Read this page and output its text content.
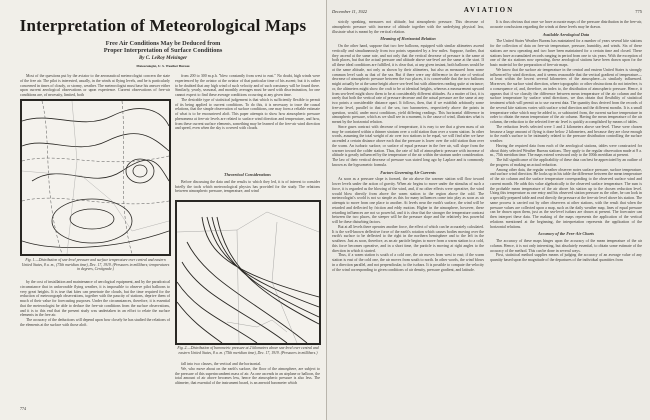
Interpretation of Meteorological Maps
Free Air Conditions May be Deduced from
Proper Interpretation of Surface Conditions
By C. LeRoy Meisinger
Meteorologist, U. S. Weather Bureau

Most of the questions put by the aviator to the aeronautical meteorologist concern the state of the free air. The pilot is interested, usually, in the winds at flying levels, and he is particularly concerned in times of cloudy, or stormy, weather. The meteorologist must base his answer either upon current aerological observations or upon experience. Current observations of free-air conditions are, of necessity, limited, both

Fig. 1.—Distribution of sea-level pressure and surface temperature over central and eastern United States, 8 a. m., (75th meridian time), Dec. 17, 1919. (Pressures in millibars; temperatures in degrees, Centigrade.)

by the cost of installation and maintenance of aerological equipment, and by the paradoxical circumstance that in unfavorable flying weather, it is impossible to observe pilot balloons to very great heights. It is true that kites can penetrate the clouds, but the time required for the reduction of meteorograph observations, together with the paucity of stations, deprive them of much of their value for forecasting purposes. Under the circumstances, therefore, it is essential that the meteorologist be able to deduce the free-air conditions from the surface observations, and it is to this end that the present study was undertaken in an effort to relate the surface elements in the free air.

The accuracy of the deductions will depend upon how closely he has studied the relations of the elements at the surface with those aloft.

from 200 to 300 m.p.h. "blew constantly from west to east." No doubt, high winds were experienced by the aviator at the aviator of that particular time of his ascent; but it is rather to be doubted that any high wind of such velocity and of such constancy will be found there. Similarly, yearly, seasonal, and monthly averages must be used with discrimination, for one cannot expect to find these average conditions occurring at any given time.

The desirable type of statistical judgement is that which is sufficiently flexible to permit of its being applied to current conditions. To do this, it is necessary to trace the causal relations, that the simple observation of surface conditions, one may form a reliable estimate of what is to be encountered aloft. This paper attempts to show how atmospheric pressure phenomena at free-air levels are related to surface wind direction and temperature, and how, from these current surface elements, something may be learned of the free-air wind direction and speed, even when the sky is covered with clouds.

Theoretical Considerations

Before discussing the data and the results to which they led, it is of interest to consider briefly the tools which meteorological physics has provided for the study. The relations between atmospheric pressure, temperature, and wind

Fig. 2.—Distribution of barometric pressure at 2 kilometers above sea-level over central and eastern United States, 8 a. m. (75th meridian time), Dec. 17, 1919. (Pressures in millibars.)

fall into two classes, the vertical and the horizontal.

We, who move about on the earth's surface, the floor of the atmosphere, are subject to the pressure of this superincumbent mass of air. As one ascends in an airplane or balloon, the total amount of air above becomes less, hence the atmospheric pressure is also less. The altimeter, that essential of the instrument board, is an aneroid barometer which

774
December 11, 1922	AVIATION	775

strictly speaking, measures not altitude, but atmospheric pressure. This decrease of atmospheric pressure with increase of altitude together with the underlying physical law, illustrate what is meant by the vertical relation.

Meaning of Horizontal Relation

On the other hand, suppose that two free balloons, equipped with similar altimeters ascend vertically and simultaneously from two points separated by a few miles. Suppose, further, that they ascend at the same rate, and not only that the vertical decrease of pressure is the same at both places, but that the actual pressure and altitude above sea-level are the same at the start. If all these ideal conditions are fulfilled, it is clear that, at any given instant, both balloons would be at the same altitude, not only as shown by their altimeters, but also as measured from some common level such as that of the sea. But if there were any difference in the rate of vertical decrease of atmospheric pressure between the two places, it is conceivable that the two balloons might actually be at the same height above sea-level but with altimeters reading quite at variance; or, the altimeters might show the craft to be at identical heights, whereas a measurement upward from sea-level might show them to be at considerably different altitudes. As a matter of fact, it is rarely that both the vertical rate of pressure decrease and the actual pressure are the same at any two points a considerable distance apart. It follows, then, that if we establish arbitrarily some free-air level, parallel to that of the sea, two barometers, respectively above the points in question, would, under most conditions, yield differing readings. This horizontal difference in atmospheric pressure, which as we shall see in a moment, is the cause of wind, illustrates what is meant by the horizontal relation.

Since gases contract with decrease of temperature, it is easy to see that a given mass of air may be contained within a thinner stratum over a cold station than over a warm station. In other words, assuming the total weight of air over two stations to be equal, we will find after we have ascended a certain distance above each that the pressure is lower over the cold station than over the warm. An isobaric surface, or surface of equal pressure in the free air, will slope from the warmer toward the colder station. Thus, the rate of fall of atmospheric pressure with increase of altitude is greatly influenced by the temperature of the air within the stratum under consideration. The law of their vertical decrease of pressure was stated long ago by Laplace and is commonly known as the hypsometric formula.

Factors Governing Air Currents

As soon as a pressure slope is formed, the air above the warmer station will flow toward lower levels under the action of gravity. When air begins to move under the stimulus of such a force, it is regarded as the blowing of the wind, and, if no other effects were operative, the wind would blow directly from above the warm station to the region above the cold. The meteorologist's world is not so simple as this for many influences come into play as soon as air attempts to move from one place to another. At levels near the earth's surface, the wind will be retarded and deflected by friction and eddy motion. Higher in the atmosphere, however, these retarding influences are not so powerful, and it is clear that the stronger the temperature contrast between the two places, the steeper will be the pressure slope and the relatively less powerful will be these disturbing factors.

But at all levels there operates another force, the effect of which can be accurately calculated. It is the well-known deflective force of the earth's rotation which causes bodies moving over the earth's surface to be deflected to the right in the northern hemisphere and to the left in the southern. Just as soon, therefore, as an air particle begins to move from a warm station to a cold, this force becomes operative, and in a short time, the particle is moving at right angles to the direction in which it started.

Thus, if a warm station is south of a cold one, the air moves from west to east; if the warm station is east of the cold one, the air moves from south to north. In other words, the wind blows in a direction parallel, and not perpendicular, to the isobars. It is possible to compute the velocity of the wind corresponding to given conditions of air density, pressure gradient, and latitude.

It is thus obvious that once we have accurate maps of the pressure distribution in the free-air, accurate conclusions regarding the winds at these levels may be drawn.

Available Aerological Data

The United States Weather Bureau has maintained for a number of years several kite stations for the collection of data on free-air temperature, pressure, humidity, and winds. Six of these stations are now operating and two have been maintained for a certain time and closed. These stations have accumulated records ranging in period from one to six years. With the exception of one of the six stations now operating, these aerological stations have been drawn upon for the basic material for the preparation of free-air maps.

We know that the surface air temperature in the central and eastern United States is strongly influenced by wind direction, and it seems reasonable that the vertical gradient of temperature—at least within the lowest several kilometers of the atmosphere—is similarly influenced. Moreover, the surface wind direction, where topographic or other obstructions do not interfere, is a consequence of, and, therefore, an index to, the distribution of atmospheric pressure. Hence, it appears that if we classify the difference between mean temperature of the air column and the surface temperature by surface wind directions, we thus obtain that flexibility of statistical treatment which will permit us to use current data. The quantity thus derived from the records of the several kite stations varies with surface wind direction and the different months. It is a small temperature value which may be added to, or subtracted from, the current surface temperature in order to obtain the mean temperature of the air column. Having the mean temperature of the air column, the reduction to the selected free-air level is quickly accomplished by means of tables.

The reduction levels selected were 1 and 2 kilometers above sea-level. These were chosen because a large amount of flying is done below 2 kilometers, and because they are close enough to the earth's surface to be intimately related to the pressure distribution controlling the surface weather.

Having the required data from each of the aerological stations, tables were constructed for about thirty selected Weather Bureau stations. They apply to the regular observation made at 8 a. m., 75th meridian time. The maps extend westward only to the 100th meridian at present.

The full significance of the applicability of these data can best be appreciated by an outline of the progress of making an actual reduction.

Among other data, the regular weather observer notes surface pressure, surface temperature, and surface wind direction. He looks up in his table the difference between the mean temperature of the air column and the surface temperature corresponding to the observed surface wind and current month. He adds this value algebraically to the observed surface temperature. The sum is the probable mean temperature of the air above his station up to the chosen reduction level. Using this temperature as one entry and his observed station pressure as the other, he can look in a specially prepared table and read directly the pressure at the free-air level above his station. The same process is carried out by other observers at other stations, with the result that when the pressure values are collected upon a map, such as the daily weather map, lines of equal pressure can be drawn upon them, just as the sea-level isobars are drawn at present. The forecaster can then interpret these data. The making of the maps represents the application of the vertical relations mentioned at the beginning, the interpretation represents the application of the horizontal relations.

Accuracy of the Free-Air Charts

The accuracy of these maps hinges upon the accuracy of the mean temperature of the air column. Hence, it is not only interesting, but absolutely essential, to obtain some estimate of the accuracy of the method. This can be done in several ways.

First, statistical method supplies means of judging the accuracy of an average value of any quantity based upon the magnitude of the departures of the individual quantities from
